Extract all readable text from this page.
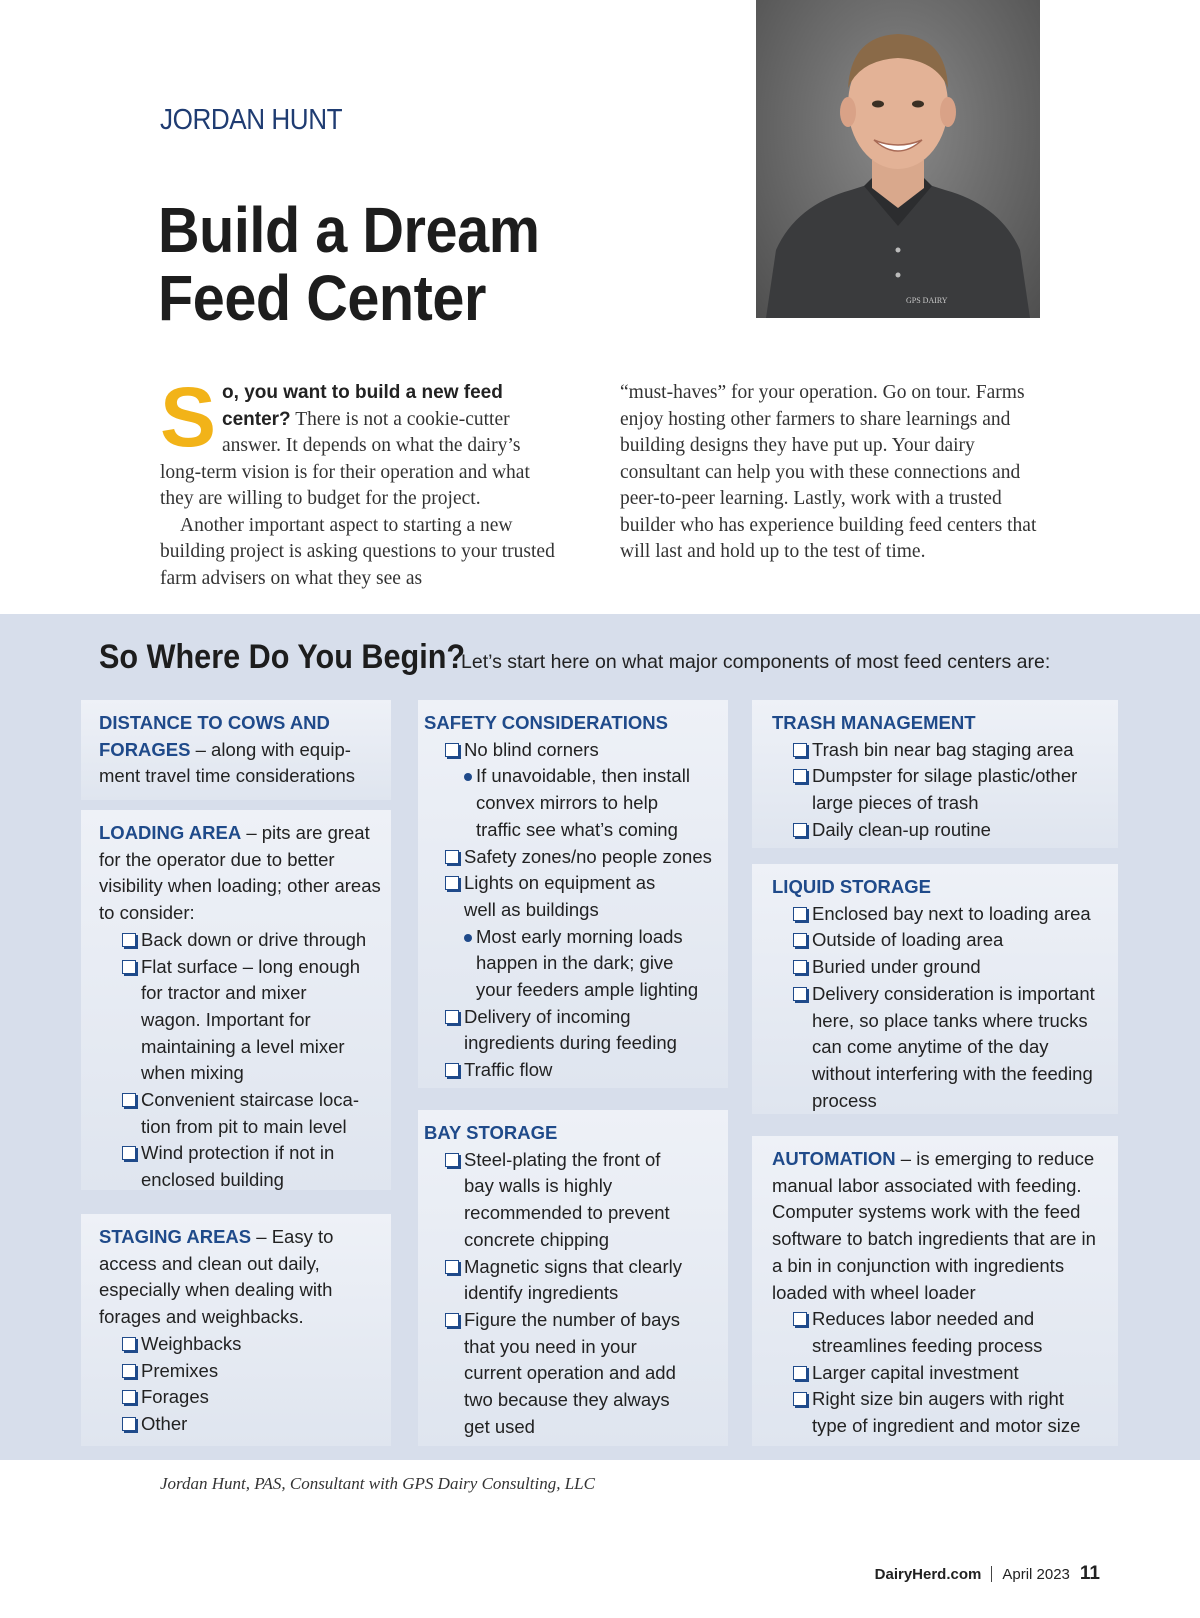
JORDAN HUNT
Build a Dream
Feed Center	GPS DAIRY
S o, you want to build a new feed center? There is not a cookie-cutter answer. It depends on what the dairy’s long-term vision is for their operation and what they are willing to budget for the project.
Another important aspect to starting a new building project is asking questions to your trusted farm advisers on what they see as
“must-haves” for your operation. Go on tour. Farms enjoy hosting other farmers to share learnings and building designs they have put up. Your dairy consultant can help you with these connections and peer-to-peer learning. Lastly, work with a trusted builder who has experience building feed centers that will last and hold up to the test of time.
So Where Do You Begin?
Let’s start here on what major components of most feed centers are:
DISTANCE TO COWS AND FORAGES – along with equip-ment travel time considerations
LOADING AREA – pits are great for the operator due to better visibility when loading; other areas to consider:
Back down or drive through
Flat surface – long enough for tractor and mixer wagon. Important for maintaining a level mixer when mixing
Convenient staircase loca-tion from pit to main level
Wind protection if not in enclosed building
STAGING AREAS – Easy to access and clean out daily, especially when dealing with forages and weighbacks.
Weighbacks
Premixes
Forages
Other
SAFETY CONSIDERATIONS
No blind corners
If unavoidable, then install convex mirrors to help traffic see what’s coming
Safety zones/no people zones
Lights on equipment as well as buildings
Most early morning loads happen in the dark; give your feeders ample lighting
Delivery of incoming ingredients during feeding
Traffic flow
BAY STORAGE
Steel-plating the front of bay walls is highly recommended to prevent concrete chipping
Magnetic signs that clearly identify ingredients
Figure the number of bays that you need in your current operation and add two because they always get used
TRASH MANAGEMENT
Trash bin near bag staging area
Dumpster for silage plastic/other large pieces of trash
Daily clean-up routine
LIQUID STORAGE
Enclosed bay next to loading area
Outside of loading area
Buried under ground
Delivery consideration is important here, so place tanks where trucks can come anytime of the day without interfering with the feeding process
AUTOMATION – is emerging to reduce manual labor associated with feeding. Computer systems work with the feed software to batch ingredients that are in a bin in conjunction with ingredients loaded with wheel loader
Reduces labor needed and streamlines feeding process
Larger capital investment
Right size bin augers with right type of ingredient and motor size
Jordan Hunt, PAS, Consultant with GPS Dairy Consulting, LLC
DairyHerd.com April 2023 11
